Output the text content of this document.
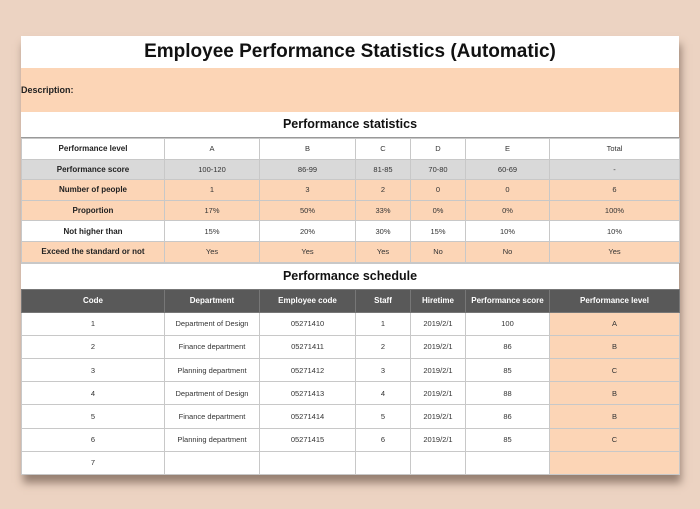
Employee Performance Statistics (Automatic)
Description:
Performance statistics
Performance level	A	B	C	D	E	Total
Performance score	100-120	86-99	81-85	70-80	60-69	-
Number of people	1	3	2	0	0	6
Proportion	17%	50%	33%	0%	0%	100%
Not higher than	15%	20%	30%	15%	10%	10%
Exceed the standard or not	Yes	Yes	Yes	No	No	Yes
Performance schedule
Code	Department	Employee code	Staff	Hiretime	Performance score	Performance level
1	Department of Design	05271410	1	2019/2/1	100	A
2	Finance department	05271411	2	2019/2/1	86	B
3	Planning department	05271412	3	2019/2/1	85	C
4	Department of Design	05271413	4	2019/2/1	88	B
5	Finance department	05271414	5	2019/2/1	86	B
6	Planning department	05271415	6	2019/2/1	85	C
7						
